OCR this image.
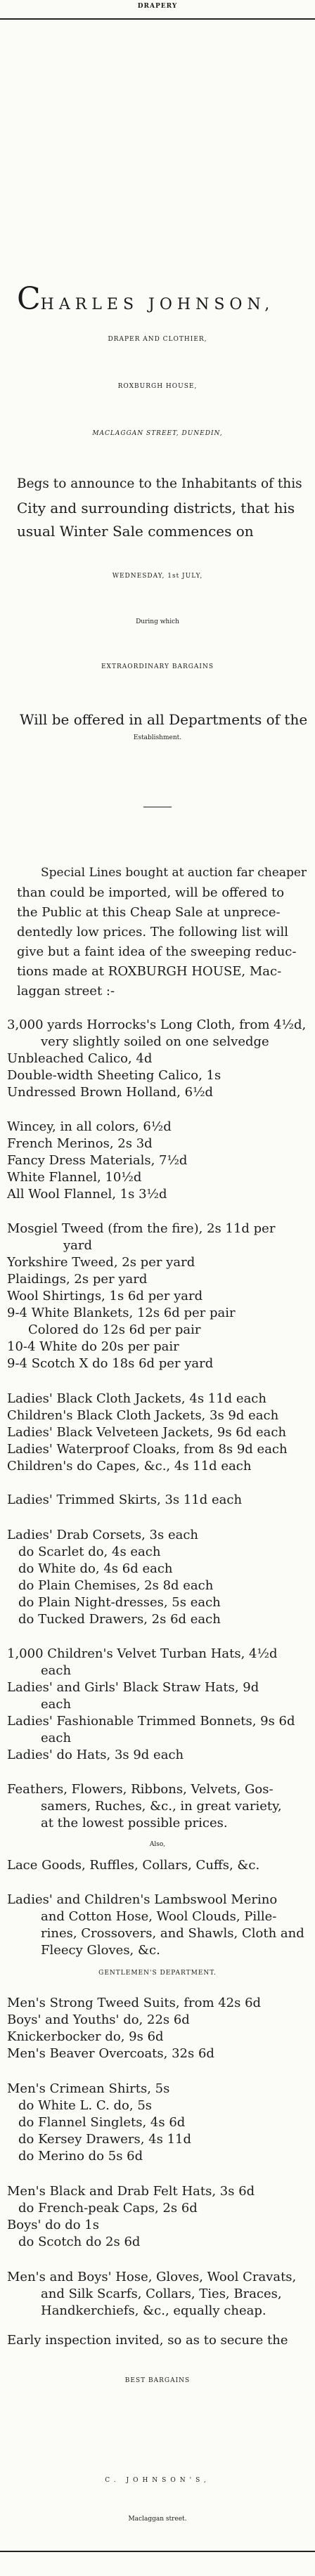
DRAPERY
CHARLES JOHNSON,
DRAPER AND CLOTHIER,
ROXBURGH HOUSE,
MACLAGGAN STREET, DUNEDIN,
Begs to announce to the Inhabitants of this
City and surrounding districts, that his
usual Winter Sale commences on
WEDNESDAY, 1st JULY,
During which
EXTRAORDINARY BARGAINS
Will be offered in all Departments of the
Establishment.
Special Lines bought at auction far cheaper
than could be imported, will be offered to
the Public at this Cheap Sale at unprece-
dentedly low prices. The following list will
give but a faint idea of the sweeping reduc-
tions made at ROXBURGH HOUSE, Mac-
laggan street :-
3,000 yards Horrocks's Long Cloth, from 4½d,
very slightly soiled on one selvedge
Unbleached Calico, 4d
Double-width Sheeting Calico, 1s
Undressed Brown Holland, 6½d
Wincey, in all colors, 6½d
French Merinos, 2s 3d
Fancy Dress Materials, 7½d
White Flannel, 10½d
All Wool Flannel, 1s 3½d
Mosgiel Tweed (from the fire), 2s 11d per
yard
Yorkshire Tweed, 2s per yard
Plaidings, 2s per yard
Wool Shirtings, 1s 6d per yard
9-4 White Blankets, 12s 6d per pair
Colored do 12s 6d per pair
10-4 White do 20s per pair
9-4 Scotch X do 18s 6d per yard
Ladies' Black Cloth Jackets, 4s 11d each
Children's Black Cloth Jackets, 3s 9d each
Ladies' Black Velveteen Jackets, 9s 6d each
Ladies' Waterproof Cloaks, from 8s 9d each
Children's do Capes, &c., 4s 11d each
Ladies' Trimmed Skirts, 3s 11d each
Ladies' Drab Corsets, 3s each
do Scarlet do, 4s each
do White do, 4s 6d each
do Plain Chemises, 2s 8d each
do Plain Night-dresses, 5s each
do Tucked Drawers, 2s 6d each
1,000 Children's Velvet Turban Hats, 4½d
each
Ladies' and Girls' Black Straw Hats, 9d
each
Ladies' Fashionable Trimmed Bonnets, 9s 6d
each
Ladies' do Hats, 3s 9d each
Feathers, Flowers, Ribbons, Velvets, Gos-
samers, Ruches, &c., in great variety,
at the lowest possible prices.
Also,
Lace Goods, Ruffles, Collars, Cuffs, &c.
Ladies' and Children's Lambswool Merino
and Cotton Hose, Wool Clouds, Pille-
rines, Crossovers, and Shawls, Cloth and
Fleecy Gloves, &c.
GENTLEMEN'S DEPARTMENT.
Men's Strong Tweed Suits, from 42s 6d
Boys' and Youths' do, 22s 6d
Knickerbocker do, 9s 6d
Men's Beaver Overcoats, 32s 6d
Men's Crimean Shirts, 5s
do White L. C. do, 5s
do Flannel Singlets, 4s 6d
do Kersey Drawers, 4s 11d
do Merino do 5s 6d
Men's Black and Drab Felt Hats, 3s 6d
do French-peak Caps, 2s 6d
Boys' do do 1s
do Scotch do 2s 6d
Men's and Boys' Hose, Gloves, Wool Cravats,
and Silk Scarfs, Collars, Ties, Braces,
Handkerchiefs, &c., equally cheap.
Early inspection invited, so as to secure the
BEST BARGAINS
C. JOHNSON'S,
Maclaggan street.
